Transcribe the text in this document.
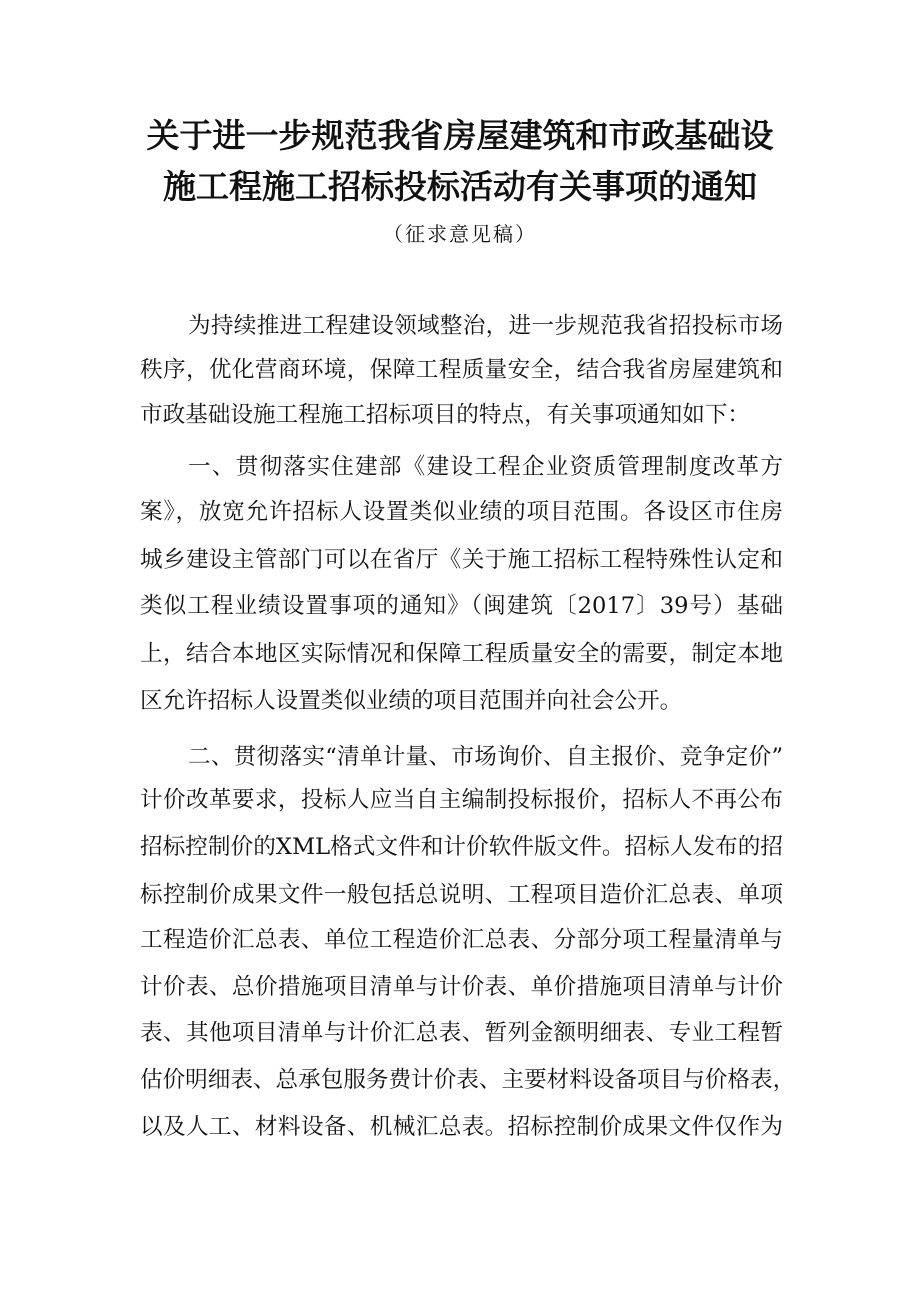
关于进一步规范我省房屋建筑和市政基础设
施工程施工招标投标活动有关事项的通知
（征求意见稿）
为持续推进工程建设领域整治，进一步规范我省招投标市场
秩序，优化营商环境，保障工程质量安全，结合我省房屋建筑和
市政基础设施工程施工招标项目的特点，有关事项通知如下：
一、贯彻落实住建部《建设工程企业资质管理制度改革方
案》，放宽允许招标人设置类似业绩的项目范围。各设区市住房
城乡建设主管部门可以在省厅《关于施工招标工程特殊性认定和
类似工程业绩设置事项的通知》（闽建筑〔2017〕39号）基础
上，结合本地区实际情况和保障工程质量安全的需要，制定本地
区允许招标人设置类似业绩的项目范围并向社会公开。
二、贯彻落实“清单计量、市场询价、自主报价、竞争定价”
计价改革要求，投标人应当自主编制投标报价，招标人不再公布
招标控制价的XML格式文件和计价软件版文件。招标人发布的招
标控制价成果文件一般包括总说明、工程项目造价汇总表、单项
工程造价汇总表、单位工程造价汇总表、分部分项工程量清单与
计价表、总价措施项目清单与计价表、单价措施项目清单与计价
表、其他项目清单与计价汇总表、暂列金额明细表、专业工程暂
估价明细表、总承包服务费计价表、主要材料设备项目与价格表，
以及人工、材料设备、机械汇总表。招标控制价成果文件仅作为
